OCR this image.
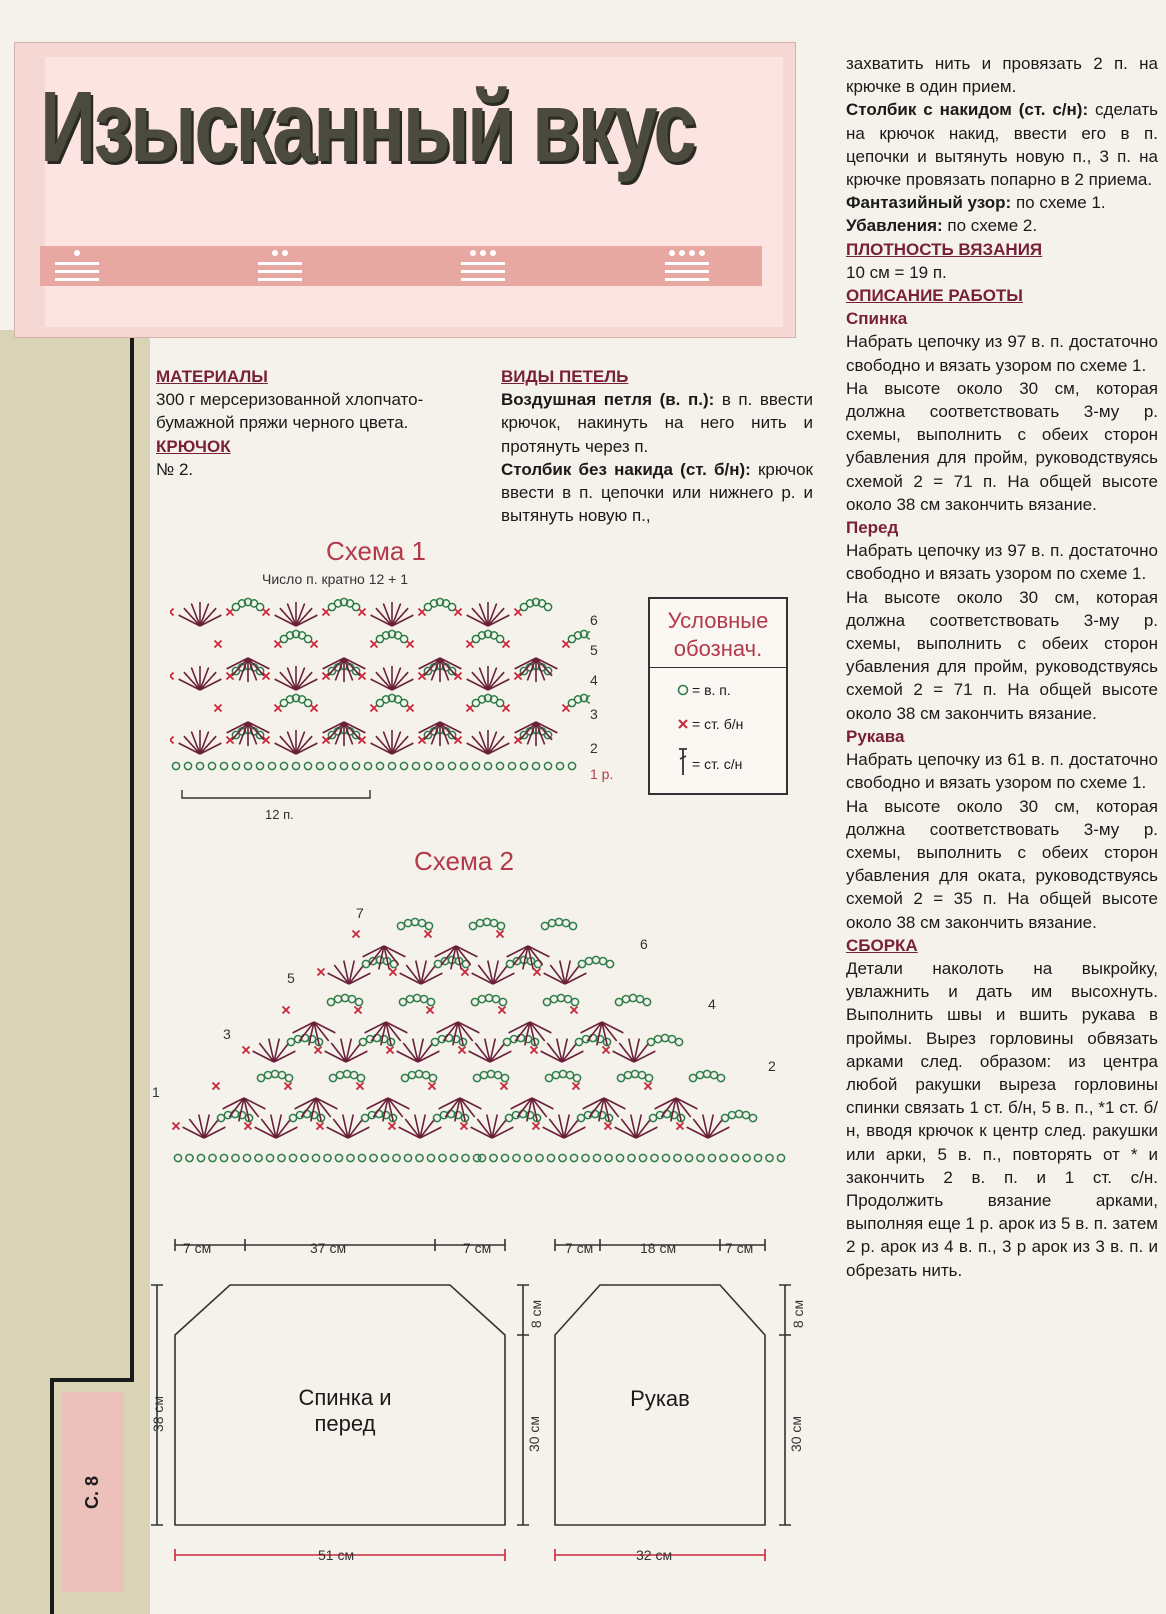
С. 8
Изысканный вкус

МАТЕРИАЛЫ

300 г мерсеризованной хлопчато-бумажной пряжи черного цвета.

КРЮЧОК

№ 2.

ВИДЫ ПЕТЕЛЬ

Воздушная петля (в. п.): в п. ввести крючок, накинуть на него нить и протянуть через п.

Столбик без накида (ст. б/н): крючок ввести в п. цепочки или нижнего р. и вытянуть новую п.,

захватить нить и провязать 2 п. на крючке в один прием.

Столбик с накидом (ст. с/н): сделать на крючок накид, ввести его в п. цепочки и вытянуть новую п., 3 п. на крючке провязать попарно в 2 приема.

Фантазийный узор: по схеме 1.

Убавления: по схеме 2.

ПЛОТНОСТЬ ВЯЗАНИЯ

10 см = 19 п.

ОПИСАНИЕ РАБОТЫ

Спинка

Набрать цепочку из 97 в. п. достаточно свободно и вязать узором по схеме 1.

На высоте около 30 см, которая должна соответствовать 3-му р. схемы, выполнить с обеих сторон убавления для пройм, руководствуясь схемой 2 = 71 п. На общей высоте около 38 см закончить вязание.

Перед

Набрать цепочку из 97 в. п. достаточно свободно и вязать узором по схеме 1.

На высоте около 30 см, которая должна соответствовать 3-му р. схемы, выполнить с обеих сторон убавления для пройм, руководствуясь схемой 2 = 71 п. На общей высоте около 38 см закончить вязание.

Рукава

Набрать цепочку из 61 в. п. достаточно свободно и вязать узором по схеме 1.

На высоте около 30 см, которая должна соответствовать 3-му р. схемы, выполнить с обеих сторон убавления для оката, руководствуясь схемой 2 = 35 п. На общей высоте около 38 см закончить вязание.

СБОРКА

Детали наколоть на выкройку, увлажнить и дать им высохнуть. Выполнить швы и вшить рукава в проймы. Вырез горловины обвязать арками след. образом: из центра любой ракушки выреза горловины спинки связать 1 ст. б/н, 5 в. п., *1 ст. б/н, вводя крючок к центр след. ракушки или арки, 5 в. п., повторять от * и закончить 2 в. п. и 1 ст. с/н. Продолжить вязание арками, выполняя еще 1 р. арок из 5 в. п. затем 2 р. арок из 4 в. п., 3 р арок из 3 в. п. и обрезать нить.

Схема 1
Число п. кратно 12 + 1
6
5
4
3
2
1 р.
12 п.
Условные обознач.
= в. п.
= ст. б/н
= ст. с/н
Схема 2
7
6
5
4
3
2
1
7 см	37 см	7 см
38 см
8 см
30 см
51 см
Спинка и перед
7 см	18 см	7 см
8 см
30 см
32 см
Рукав
